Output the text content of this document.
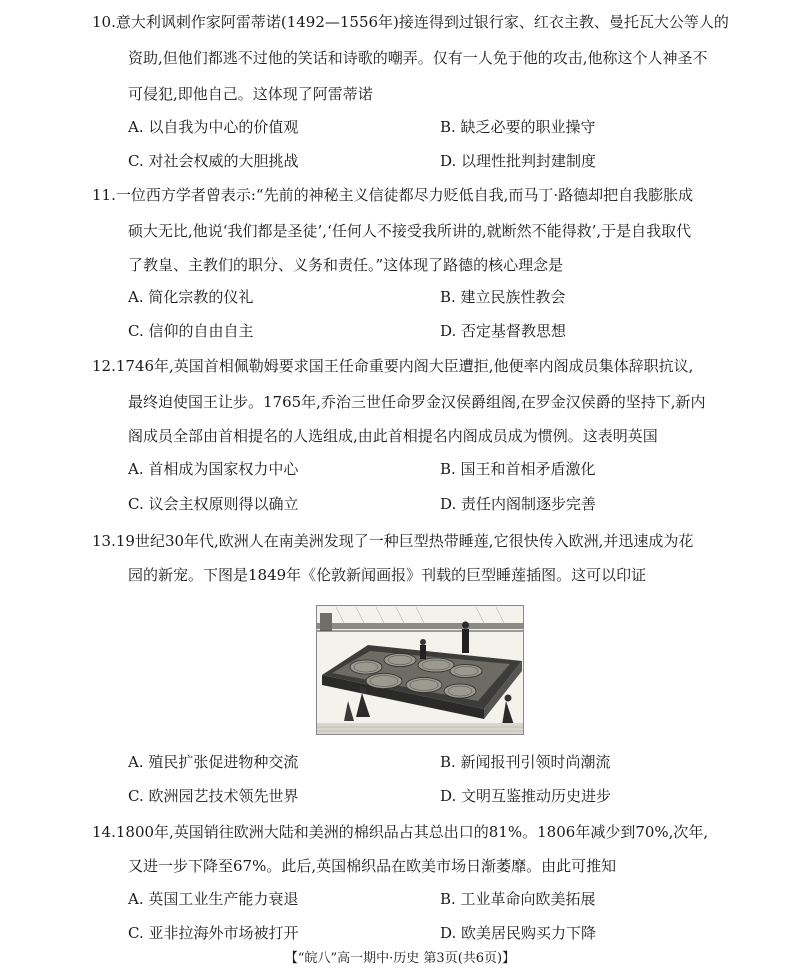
10.意大利讽刺作家阿雷蒂诺(1492—1556年)接连得到过银行家、红衣主教、曼托瓦大公等人的
资助,但他们都逃不过他的笑话和诗歌的嘲弄。仅有一人免于他的攻击,他称这个人神圣不
可侵犯,即他自己。这体现了阿雷蒂诺
A. 以自我为中心的价值观	B. 缺乏必要的职业操守
C. 对社会权威的大胆挑战	D. 以理性批判封建制度
11.一位西方学者曾表示:“先前的神秘主义信徒都尽力贬低自我,而马丁·路德却把自我膨胀成
硕大无比,他说‘我们都是圣徒’,‘任何人不接受我所讲的,就断然不能得救’,于是自我取代
了教皇、主教们的职分、义务和责任。”这体现了路德的核心理念是
A. 简化宗教的仪礼	B. 建立民族性教会
C. 信仰的自由自主	D. 否定基督教思想
12.1746年,英国首相佩勒姆要求国王任命重要内阁大臣遭拒,他便率内阁成员集体辞职抗议,
最终迫使国王让步。1765年,乔治三世任命罗金汉侯爵组阁,在罗金汉侯爵的坚持下,新内
阁成员全部由首相提名的人选组成,由此首相提名内阁成员成为惯例。这表明英国
A. 首相成为国家权力中心	B. 国王和首相矛盾激化
C. 议会主权原则得以确立	D. 责任内阁制逐步完善
13.19世纪30年代,欧洲人在南美洲发现了一种巨型热带睡莲,它很快传入欧洲,并迅速成为花
园的新宠。下图是1849年《伦敦新闻画报》刊载的巨型睡莲插图。这可以印证
A. 殖民扩张促进物种交流	B. 新闻报刊引领时尚潮流
C. 欧洲园艺技术领先世界	D. 文明互鉴推动历史进步
14.1800年,英国销往欧洲大陆和美洲的棉织品占其总出口的81%。1806年减少到70%,次年,
又进一步下降至67%。此后,英国棉织品在欧美市场日渐萎靡。由此可推知
A. 英国工业生产能力衰退	B. 工业革命向欧美拓展
C. 亚非拉海外市场被打开	D. 欧美居民购买力下降
【“皖八”高一期中·历史 第3页(共6页)】
